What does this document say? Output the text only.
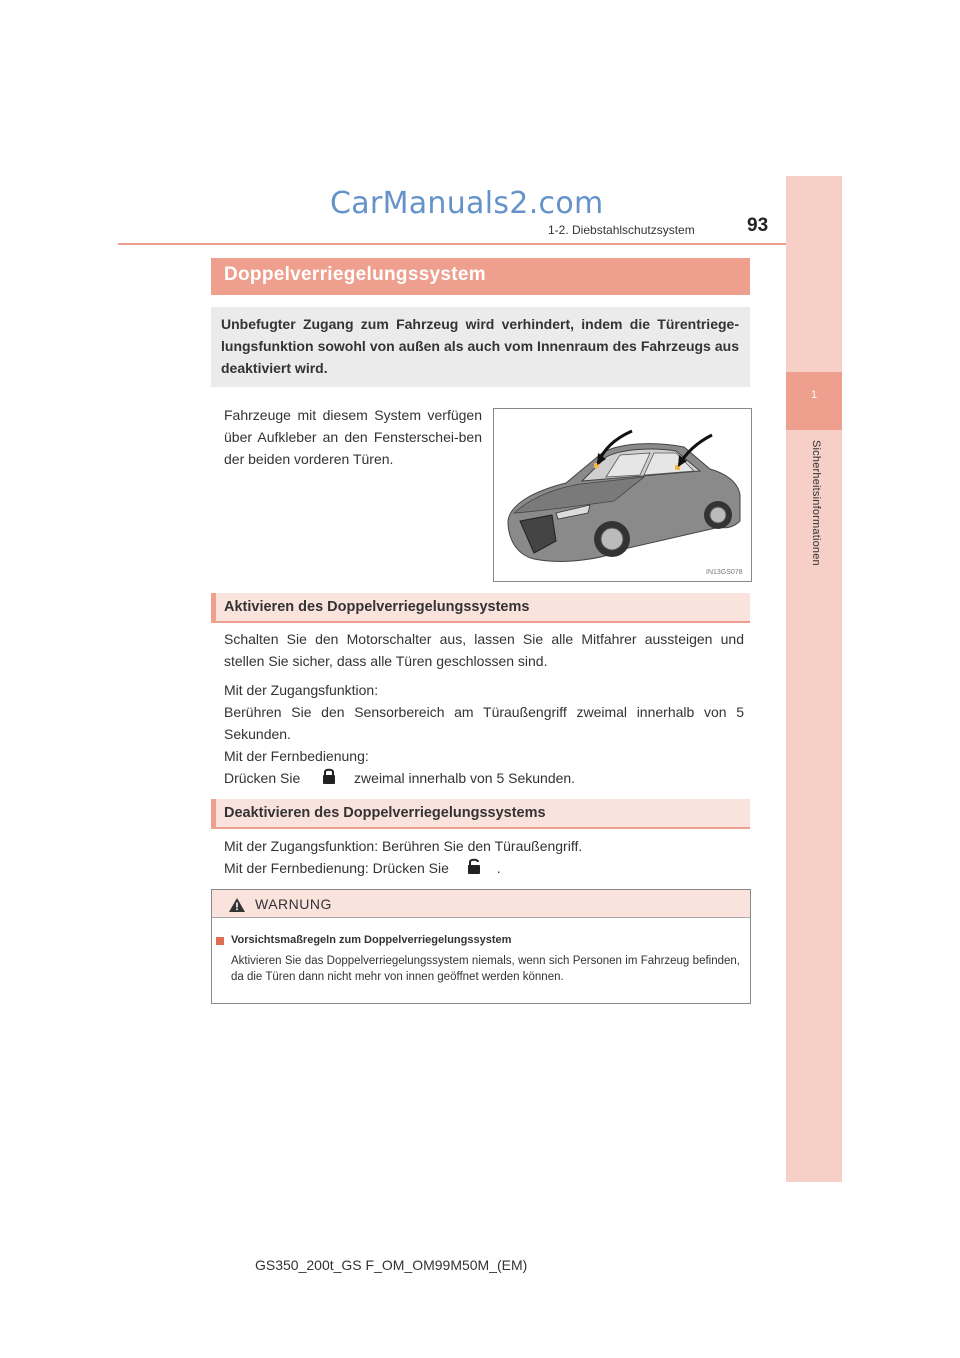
1
Sicherheitsinformationen
CarManuals2.com
1-2. Diebstahlschutzsystem	93
Doppelverriegelungssystem
Unbefugter Zugang zum Fahrzeug wird verhindert, indem die Türentriege-lungsfunktion sowohl von außen als auch vom Innenraum des Fahrzeugs aus deaktiviert wird.
Fahrzeuge mit diesem System verfügen über Aufkleber an den Fensterschei-ben der beiden vorderen Türen.
IN13GS078
Aktivieren des Doppelverriegelungssystems
Schalten Sie den Motorschalter aus, lassen Sie alle Mitfahrer aussteigen und stellen Sie sicher, dass alle Türen geschlossen sind.
Mit der Zugangsfunktion:
Berühren Sie den Sensorbereich am Türaußengriff zweimal innerhalb von 5 Sekunden.
Mit der Fernbedienung:
Drücken Sie	zweimal innerhalb von 5 Sekunden.
Deaktivieren des Doppelverriegelungssystems
Mit der Zugangsfunktion: Berühren Sie den Türaußengriff.
Mit der Fernbedienung: Drücken Sie	.
WARNUNG
Vorsichtsmaßregeln zum Doppelverriegelungssystem
Aktivieren Sie das Doppelverriegelungssystem niemals, wenn sich Personen im Fahrzeug befinden, da die Türen dann nicht mehr von innen geöffnet werden können.
GS350_200t_GS F_OM_OM99M50M_(EM)
